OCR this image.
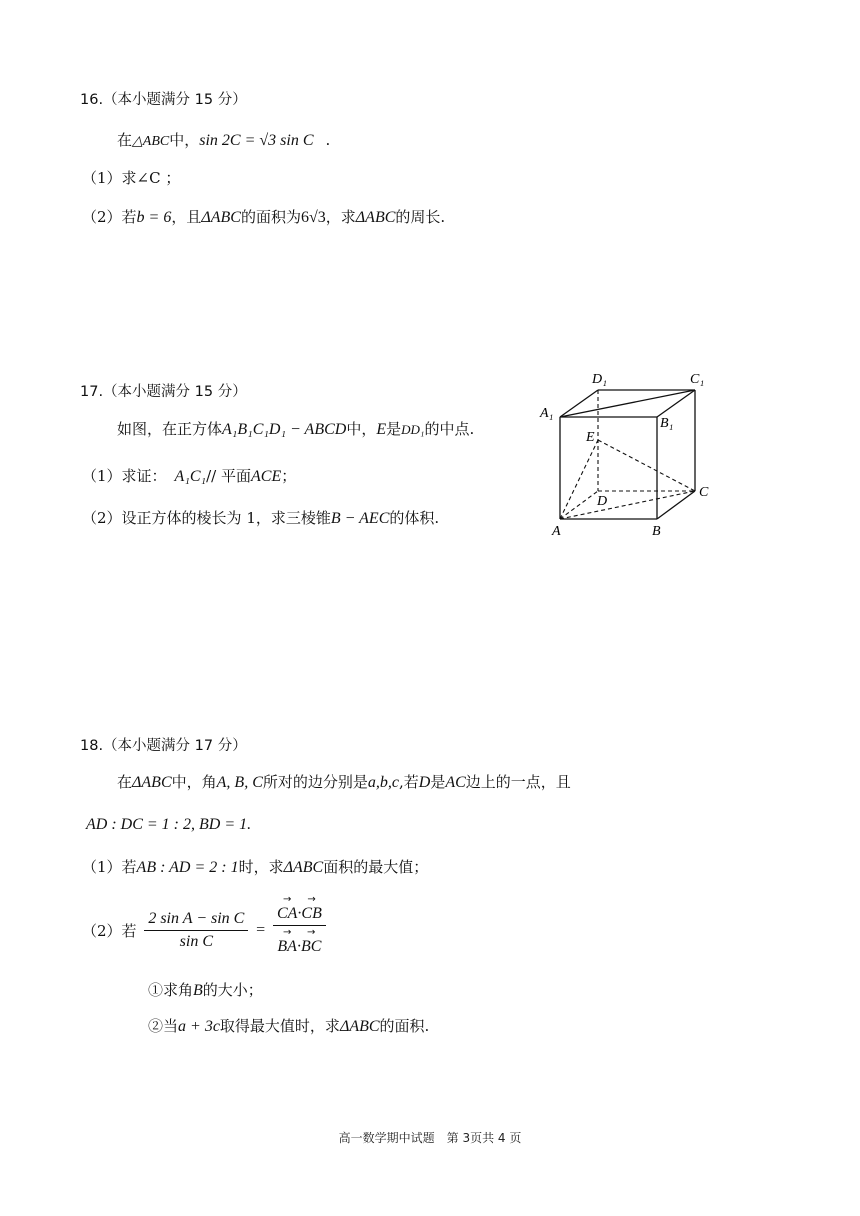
16.（本小题满分 15 分）
在△ABC中，sin 2C = √3 sin C .
（1）求∠C ；
（2）若b = 6，且ΔABC的面积为6√3，求ΔABC的周长.
17.（本小题满分 15 分）
如图，在正方体A₁B₁C₁D₁ − ABCD中，E是DD₁的中点.
（1）求证： A₁C₁// 平面ACE；
（2）设正方体的棱长为 1，求三棱锥B − AEC的体积.
D₁	C₁
A₁
B₁
E
D
C
A	B
18.（本小题满分 17 分）
在ΔABC中，角A, B, C所对的边分别是a,b,c,若D是AC边上的一点，且
AD : DC = 1 : 2, BD = 1.
（1）若AB : AD = 2 : 1时，求ΔABC面积的最大值；
（2）若 $\frac{\text{2 sin A − sin C}}{\text{sin C}}$ =
→ CA·→ CB
→ BA·→ BC
①求角B的大小；
②当a + 3c取得最大值时，求ΔABC的面积.
高一数学期中试题　第 3页共 4 页
